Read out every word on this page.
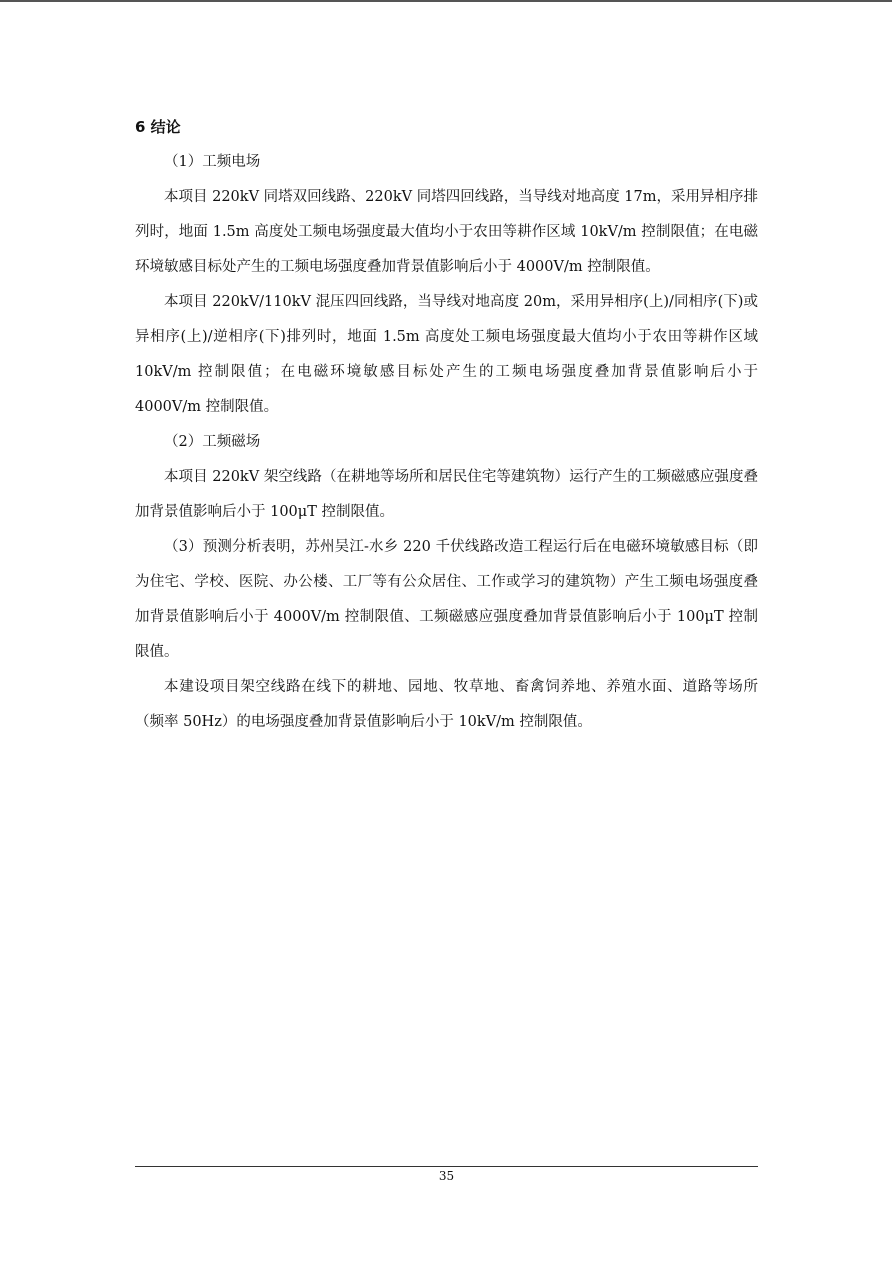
6 结论

（1）工频电场

本项目 220kV 同塔双回线路、220kV 同塔四回线路，当导线对地高度 17m，采用异相序排列时，地面 1.5m 高度处工频电场强度最大值均小于农田等耕作区域 10kV/m 控制限值；在电磁环境敏感目标处产生的工频电场强度叠加背景值影响后小于 4000V/m 控制限值。

本项目 220kV/110kV 混压四回线路，当导线对地高度 20m，采用异相序(上)/同相序(下)或异相序(上)/逆相序(下)排列时，地面 1.5m 高度处工频电场强度最大值均小于农田等耕作区域 10kV/m 控制限值；在电磁环境敏感目标处产生的工频电场强度叠加背景值影响后小于 4000V/m 控制限值。

（2）工频磁场

本项目 220kV 架空线路（在耕地等场所和居民住宅等建筑物）运行产生的工频磁感应强度叠加背景值影响后小于 100μT 控制限值。

（3）预测分析表明，苏州吴江-水乡 220 千伏线路改造工程运行后在电磁环境敏感目标（即为住宅、学校、医院、办公楼、工厂等有公众居住、工作或学习的建筑物）产生工频电场强度叠加背景值影响后小于 4000V/m 控制限值、工频磁感应强度叠加背景值影响后小于 100μT 控制限值。

本建设项目架空线路在线下的耕地、园地、牧草地、畜禽饲养地、养殖水面、道路等场所（频率 50Hz）的电场强度叠加背景值影响后小于 10kV/m 控制限值。

35
